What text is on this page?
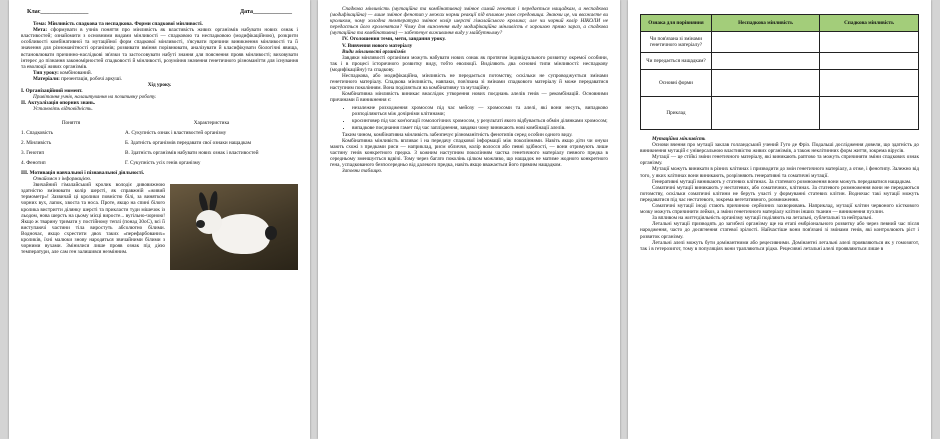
Клас________________	Дата_____________

Тема: Мінливість спадкова та неспадкова. Форми спадкової мінливості.

Мета: сформувати в учнів поняття про мінливість як властивість живих організмів набувати нових ознак і властивостей; ознайомити з основними видами мінливості — спадковою та неспадковою (модифікаційною), розкрити особливості комбінативної та мутаційної форм спадкової мінливості, з'ясувати причини виникнення мінливості та її значення для різноманітності організмів; розвивати вміння порівнювати, аналізувати й класифікувати біологічні явища, встановлювати причинно-наслідкові зв'язки та застосовувати набуті знання для пояснення прояв мінливості; виховувати інтерес до пізнання закономірностей спадковості й мінливості, розуміння значення генетичного різноманіття для існування та еволюції живих організмів.

Тип уроку: комбінований.

Матеріали: презентація, робочі аркуші.

Хід уроку.

І. Організаційний момент.

Привітання учнів, налаштування на позитивну роботу.

ІІ. Актуалізація опорних знань.

Установіть відповідність.

Поняття	Характеристика
1. Спадковість	А. Сукупність ознак і властивостей організму
2. Мінливість	Б. Здатність організмів передавати свої ознаки нащадкам
3. Генотип	В. Здатність організмів набувати нових ознак і властивостей
4. Фенотип	Г. Сукупність усіх генів організму

ІІІ. Мотивація навчальної і пізнавальної діяльності.

Ознайомся з інформацією.

Звичайний гімалайський кролик володіє дивовижною здатністю змінювати колір шерсті, як справжній «живий термометр»! Зазвичай ці кролики повністю білі, за винятком чорних вух, лапок, хвоста та носа. Проте, якщо на спині білого кролика вистригти ділянку шерсті та прикласти туди мішечок із льодом, нова шерсть на цьому місці виросте... вугільно-чорною! Якщо ж тварину тримати у постійному теплі (понад 30оС), всі її виступаючі частини тіла виростуть абсолютно білими. Водночас, якщо схрестити двох таких «перефарбованих» кроликів, їхні малюки знову народяться звичайними білими з чорними вухами. Змінилися лише прояв ознак під дією температури, але сам ген залишився незмінним.

Спадкова мінливість (мутаційна та комбінативна) змінює самий генотип і передається нащадкам, а неспадкова (модифікаційна) — лише змінює фенотип у межах норми реакції під впливом умов середовища. Знаючи це, чи вважаєте ви кроликом, чому холодна температура змінює колір шерсті гімалайського кролика; але чи чорний колір НІКОЛИ не передасться його кроленятам? Чому для вижнення виду модифікаційна мінливість є хорошою прямо зараз, а спадкова (мутаційна та комбінативна) — забезпечує виживання виду у майбутньому?

IV. Оголошення теми, мети, завдання уроку.

V. Вивчення нового матеріалу

Види мінливості організмів

Завдяки мінливості організми можуть набувати нових ознак як протягом індивідуального розвитку окремої особини, так і в процесі історичного розвитку виду, тобто еволюції. Виділяють два основні типи мінливості: неспадкову (модифікаційну) та спадкову.

Неспадкова, або модифікаційна, мінливість не передається потомству, оскільки не супроводжується змінами генетичного матеріалу. Спадкова мінливість, навпаки, пов'язана зі змінами спадкового матеріалу й може передаватися наступним поколінням. Вона поділяється на комбінативну та мутаційну.

Комбінативна мінливість виникає внаслідок утворення нових поєднань алелів генів — рекомбінацій. Основними причинами її виникнення є:

• незалежне розходження хромосом під час мейозу — хромосоми та алелі, які вони несуть, випадково розподіляються між дочірніми клітинами;
• кросинговер під час кон'югації гомологічних хромосом, у результаті якого відбувається обмін ділянками хромосом;
• випадкове поєднання гамет під час запліднення, завдяки чому виникають нові комбінації алелів.

Таким чином, комбінативна мінливість забезпечує різноманітність фенотипів серед особин одного виду.

Комбінативна мінливість впливає і на передачу спадкової інформації між поколіннями. Навіть якщо діти чи онуки мають схожі з предками риси — наприклад, рисм обличчя, колір волосся або певні здібності, — вони отримують лише частину генів конкретного предка. З кожним наступним поколінням частка генетичного матеріалу певного предка в середньому зменшується вдвічі. Тому через багато поколінь цілком можливо, що нащадок не матиме жодного конкретного гена, успадкованого безпосередньо від далекого предка, навіть якщо вважається його прямим нащадком.

Заповни таблицю.

Ознака для порівняння	Неспадкова мінливість	Спадкова мінливість
Чи пов'язана зі змінами генетичного матеріалу?		
Чи передається нащадкам?		
Основні форми		
Приклад		

Мутаційна мінливість

Основи вчення про мутації заклав голландський учений Гуго де Фріз. Подальші дослідження довели, що здатність до виникнення мутацій є універсальною властивістю живих організмів, а також неклітинних форм життя, зокрема вірусів.

Мутації — це стійкі зміни генетичного матеріалу, які виникають раптово та можуть спричиняти зміни спадкових ознак організму.

Мутації можуть виникати в різних клітинах і призводити до змін генетичного матеріалу, а отже, і фенотипу. Залежно від того, у яких клітинах вони виникають, розрізняють генеративні та соматичні мутації.

Генеративні мутації виникають у статевих клітинах. За статевого розмноження вони можуть передаватися нащадкам.

Соматичні мутації виникають у нестатевих, або соматичних, клітинах. За статевого розмноження вони не передаються потомству, оскільки соматичні клітини не беруть участі у формуванні статевих клітин. Водночас такі мутації можуть передаватися під час нестатевого, зокрема вегетативного, розмноження.

Соматичні мутації іноді стають причиною серйозних захворювань. Наприклад, мутації клітин червоного кісткового мозку можуть спричинити лейкоз, а зміни генетичного матеріалу клітин інших тканин — виникнення пухлин.

За впливом на життєдіяльність організму мутації поділяють на летальні, сублетальні та нейтральні.

Летальні мутації призводять до загибелі організму ще на етапі ембріонального розвитку або через певний час після народження, часто до досягнення статевої зрілості. Найчастіше вони пов'язані зі змінами генів, які контролюють ріст і розвиток організму.

Летальні алелі можуть бути домінантними або рецесивними. Домінантні летальні алелі проявляються як у гомозигот, так і в гетерозигот, тому в популяціях вони трапляються рідко. Рецесивні летальні алелі проявляються лише в
